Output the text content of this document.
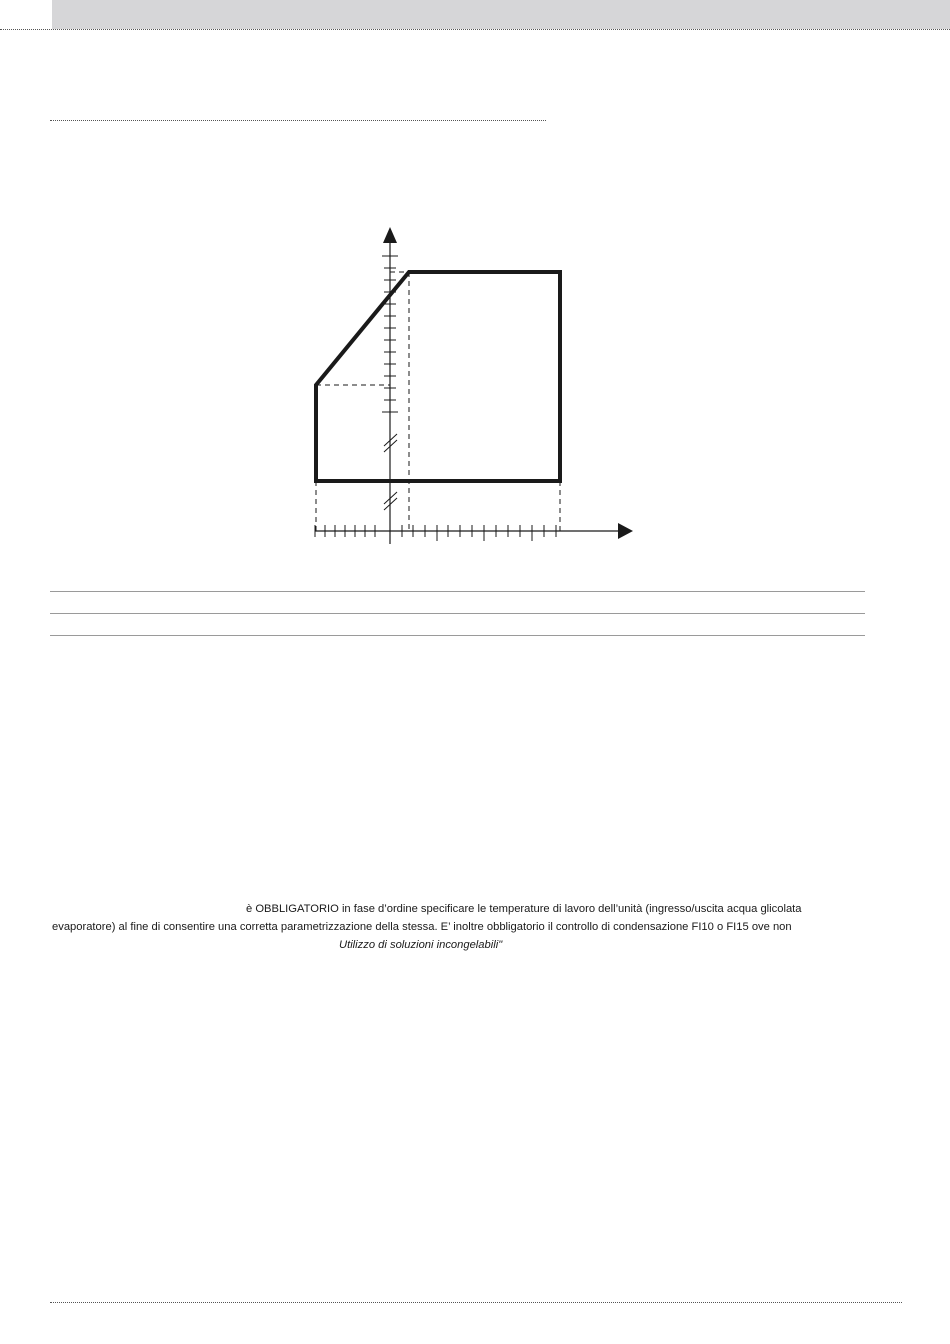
è OBBLIGATORIO in fase d’ordine specificare le temperature di lavoro dell’unità (ingresso/uscita acqua glicolata
evaporatore) al fine di consentire una corretta parametrizzazione della stessa. E’ inoltre obbligatorio il controllo di condensazione FI10 o FI15 ove non
Utilizzo di soluzioni incongelabili"
